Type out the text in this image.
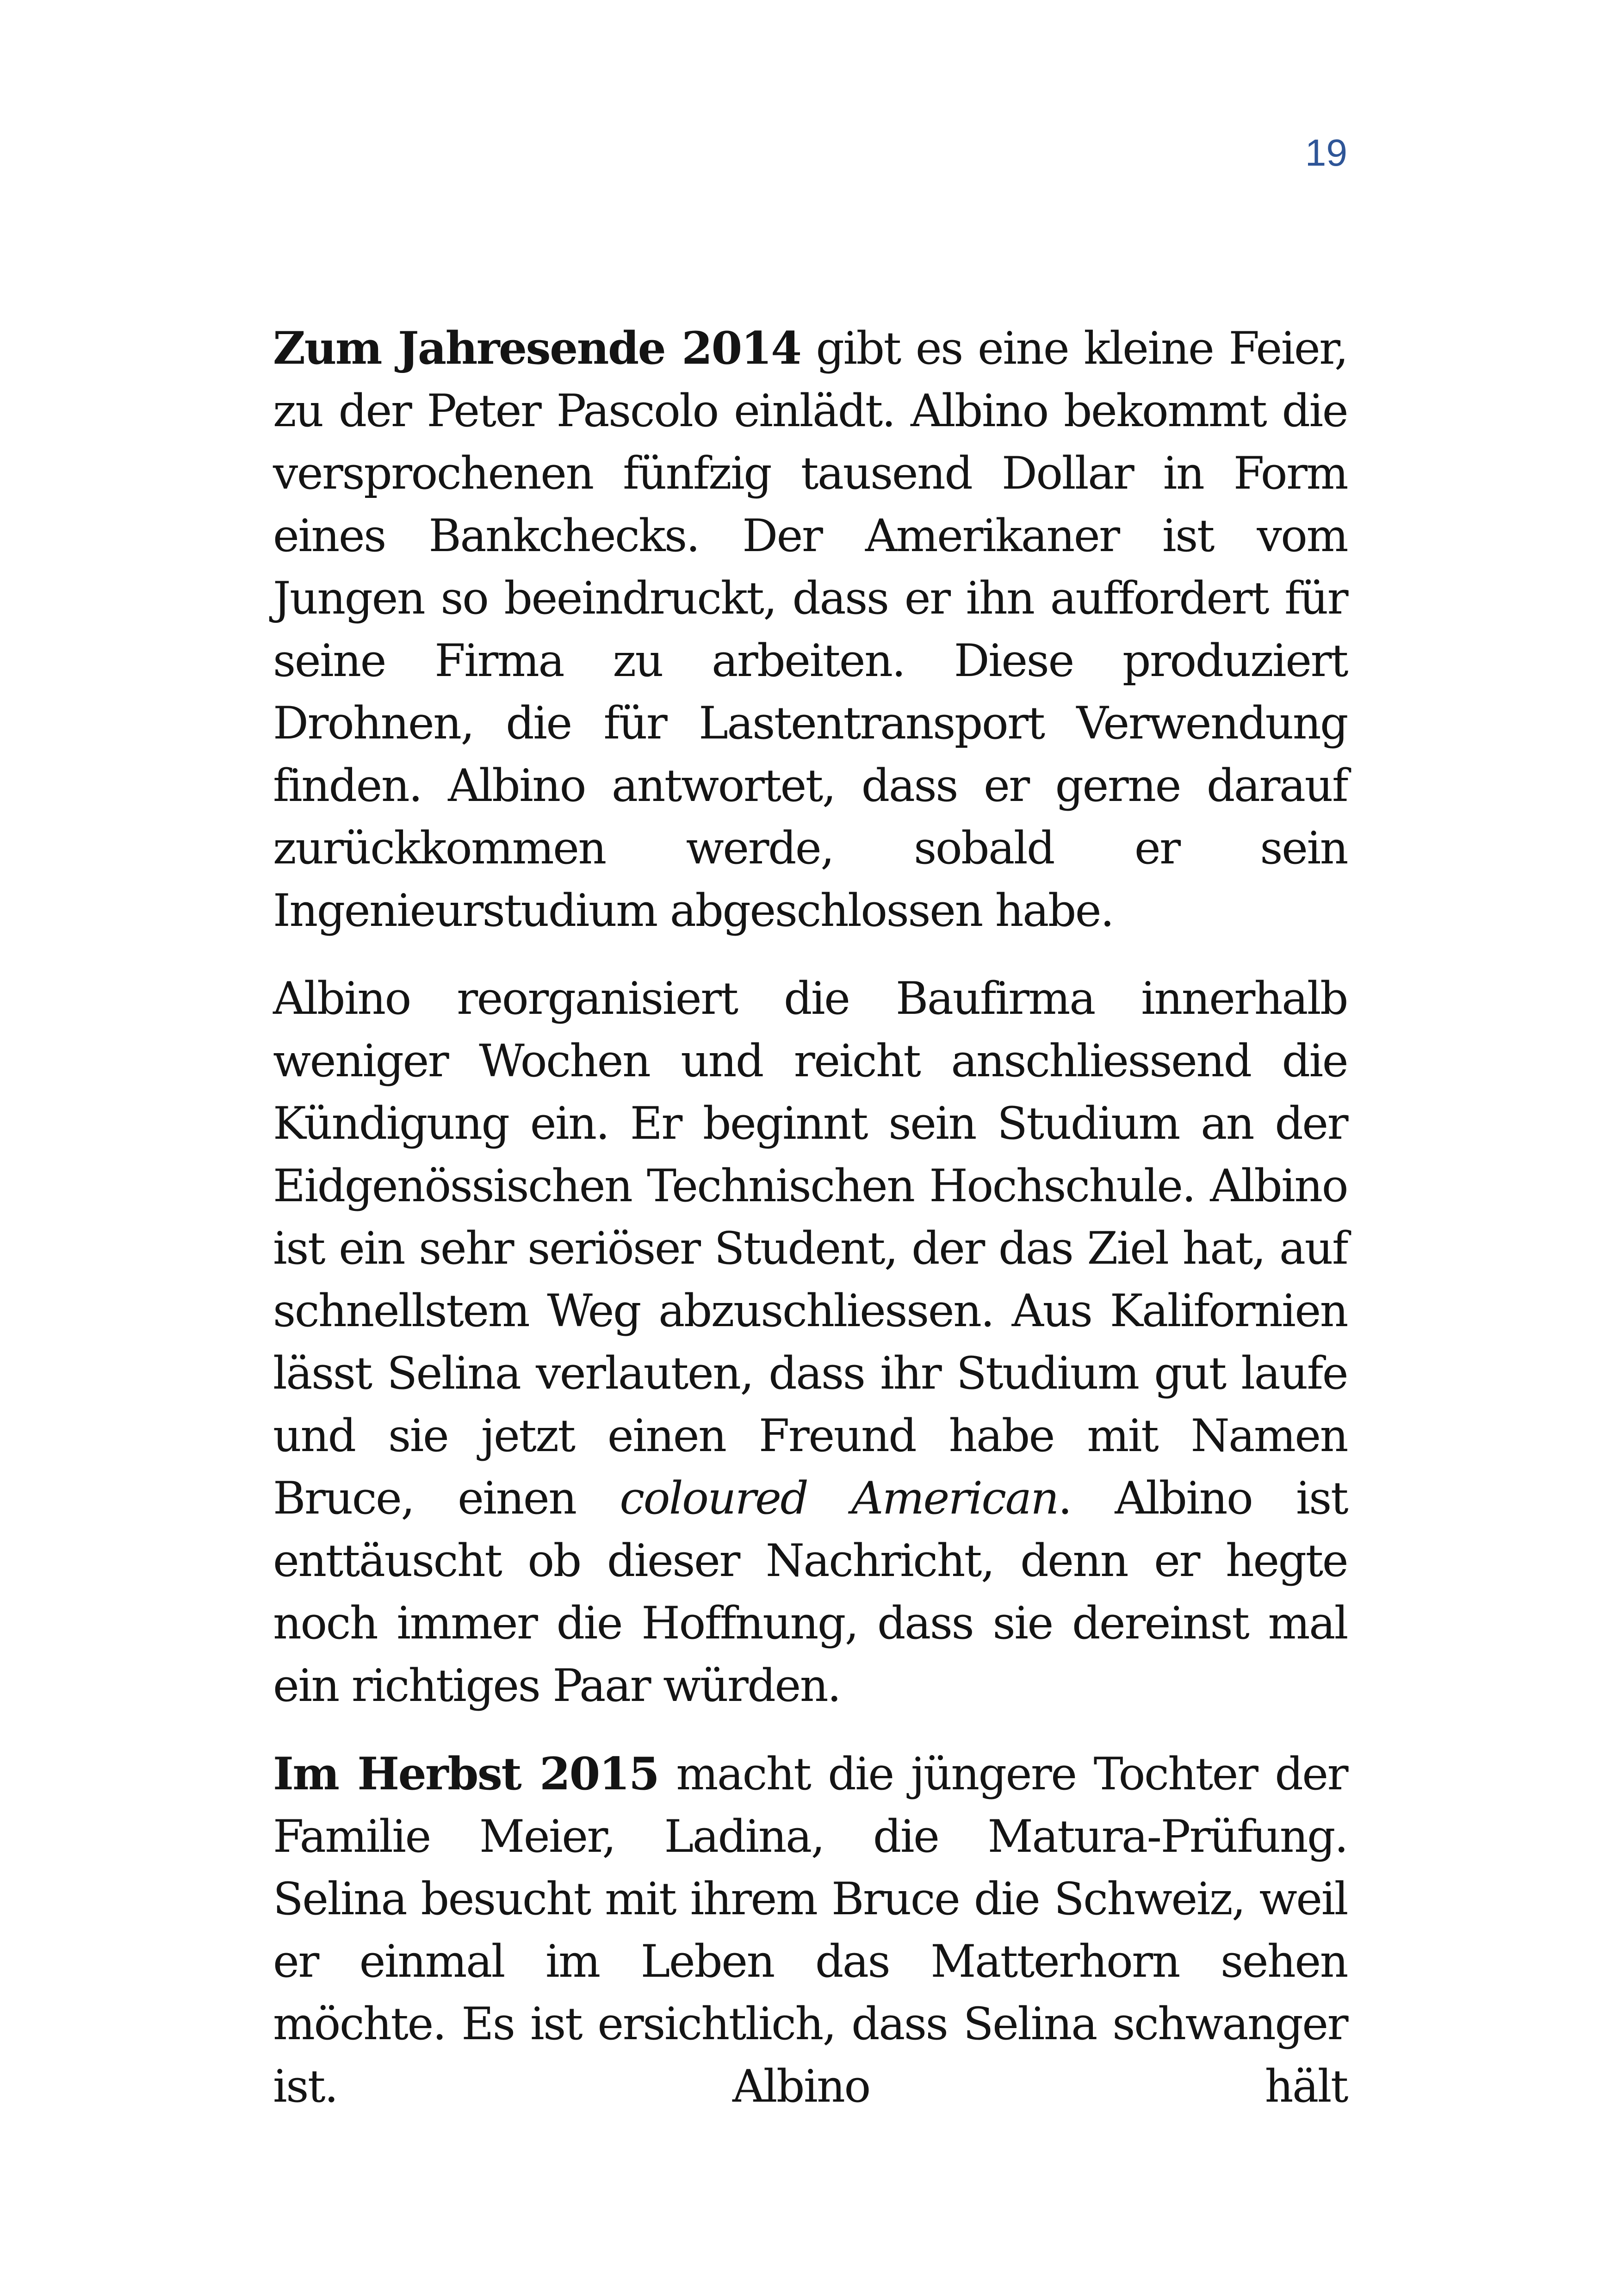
19

Zum Jahresende 2014 gibt es eine kleine Feier, zu der Peter Pascolo einlädt. Albino bekommt die versprochenen fünfzig tausend Dollar in Form eines Bankchecks. Der Amerikaner ist vom Jungen so beeindruckt, dass er ihn auffordert für seine Firma zu arbeiten. Diese produziert Drohnen, die für Lastentransport Verwendung finden. Albino antwortet, dass er gerne darauf zurückkommen werde, sobald er sein Ingenieurstudium abgeschlossen habe.

Albino reorganisiert die Baufirma innerhalb weniger Wochen und reicht anschliessend die Kündigung ein. Er beginnt sein Studium an der Eidgenössischen Technischen Hochschule. Albino ist ein sehr seriöser Student, der das Ziel hat, auf schnellstem Weg abzuschliessen. Aus Kalifornien lässt Selina verlauten, dass ihr Studium gut laufe und sie jetzt einen Freund habe mit Namen Bruce, einen coloured American. Albino ist enttäuscht ob dieser Nachricht, denn er hegte noch immer die Hoffnung, dass sie dereinst mal ein richtiges Paar würden.

Im Herbst 2015 macht die jüngere Tochter der Familie Meier, Ladina, die Matura-Prüfung. Selina besucht mit ihrem Bruce die Schweiz, weil er einmal im Leben das Matterhorn sehen möchte. Es ist ersichtlich, dass Selina schwanger ist. Albino hält
